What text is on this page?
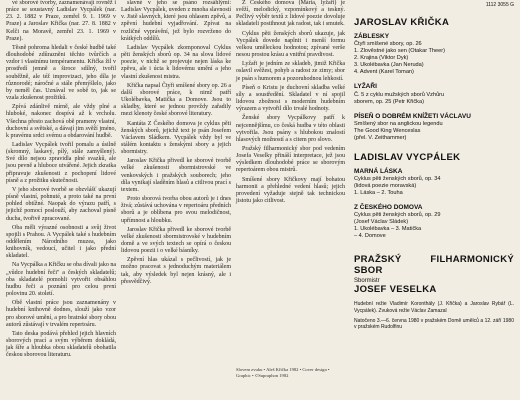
vé sborové tvorby, zaznamenávají rovněž i práce se soustavný Ladislav Vycpálek (nar. 23. 2. 1882 v Praze, zemřel 9. 1. 1969 v Praze) a Jaroslav Křička (nar. 27. 8. 1882 v Kelči na Moravě, zemřel 23. 1. 1969 v Praze).

Těsně pohroma hledali v české hudbě také dlouhodobé zdůrazněni těchto tvůrčích a vzdor i vlastnímu tempéramentu. Křička žil v prostředí jemně a široce sdílný, tvořil souběžně, ale též improvizaci, jeho díla je různorodé; náročné a stále přemýšlelo, jako by neměl čas. Uznával ve sobě to, jak se vzala zkušenost prožitků.

Zpívá zdánlivě mírně, ale vždy plné a hluboké, nakonec dospívá až k vrcholu. Všechna přesto zachová obě prameny vlastní, duchovní a světské, a dávají jim svěží jméno, k pravému srdci svému a obdarování hudbě.

Ladislav Vycpálek tvořil pomalu a úsilně (skromný, laskavý, pílý, stále zamyšlený). Své dílo nejsou zpravidla plné svazků, ale jsou pevně a hluboce utvářené. Jejich zkratka připravuje zkušenosti z pochopení lidové písně a z prožitku skutečnosti.

V jeho sborové tvorbě se obzvlášť ukazují písně vlastní, pohnuté, a proto také na první pohled obtížné. Naopak do výrazu patří, s jejichž pomocí poslouží, aby zachoval písně ducha, tvořivě zpracované.

Oba měli výrazné osobnosti a svůj život spojili s Prahou. A Vycpálek také s hudebním oddělením Národního muzea, jako knihovník, vedoucí, učitel i jako přední skladatel.

Na Vycpálka a Křičku se oba dívali jako na „vůdce hudební řeči" a českých skladatelů; oba skladatelé pomohli vytvořit obsáhlou hudbu řeči a poznání pro celou první polovinu 20. století.

Obě vlastní práce jsou zaznamenány v hudební knihovně dodnes, slouží jako vzor pro sborové umění, a pro bratrské sbory obou autorů zůstávají v trvalém repertoáru.

Tato deska podává přehled jejich hlavních sborových prací a svým výběrem dokládá, jak šíře a hloubka obou skladatelů obohatila českou sborovou literaturu.

slavné v jeho se psáno rozsáhlými: Ladislav Vycpálek, uveden z mnoha slavností v. Jistě slavných, které jsou ohlasem zpěvů, a zpěvní hudební vyjadřování. Zpívat na rozličné vyprávění, jež bylo rozvrženo do krátkých oddílů.

Ladislav Vycpálek zkomponoval Cyklus pěti ženských sborů op. 34 na slova lidové poezie, v nichž se projevuje nejen láska ke zpěvu, ale i úcta k lidovému umění a jeho vlastní zkušenost mistra.

Křička napsal Čtyři smíšené sbory op. 26 a další sborové práce, k nimž patří Ukolébavka, Matička a Domove. Jsou to skladby, které se jednou provždy zařadily mezi klenoty české sborové literatury.

Kantáta Z Českého domova je cyklus pěti ženských sborů, jejichž text je psán Josefem Václavem Sládkem. Vycpálek vždy byl ve stálém kontaktu s ženskými sbory a jejich sbormistry.

Jaroslav Křička přivedl ke sborové tvorbě velké zkušenosti sbormistrovské ve venkovských i pražských souborech; jeho díla vynikají sladěním hlasů a citlivou prací s textem.

Proto sborová tvorba obou autorů je i dnes živá; zůstává uchována v repertoáru předních sborů a je oblíbena pro svou melodičnost, upřímnost a hloubku.

Jaroslav Křička přivedl ke sborové tvorbě velké zkušenosti sbormistrovské v hudebním domě a ve svých textech se opírá o českou lidovou poezii i o velké básníky.

Zpěvní hlas ukázal s pečlivostí, jak je možno pracovat s jednoduchým materiálem tak, aby výsledek byl nejen krásný, ale i přesvědčivý.

Z Českého domova (Mária, lyžaři) je svěží, melodický, vzpomínkový a teskný. Pečlivý výběr textů z lidové poezie dovoluje skladateli postihnout jak radost, tak i smutek.

Cyklus pěti ženských sborů ukazuje, jak Vycpálek dovede naplnit i menší formu velkou uměleckou hodnotou; zpívané verše nesou prostou krásu a vnitřní pravdivost.

Lyžaři je jedním ze skladeb, jimiž Křička oslavil svěžest, pohyb a radost ze zimy; sbor je psán s humorem a pozoruhodnou lehkostí.

Píseň o Kristu je duchovní skladba velké síly a soustředění. Skladatel v ní spojil lidovou zbožnost s moderním hudebním výrazem a vytvořil dílo trvalé hodnoty.

Ženské sbory Vycpálkovy patří k nejcennějšímu, co česká hudba v této oblasti vytvořila. Jsou psány s hlubokou znalostí hlasových možností a s citem pro slovo.

Pražský filharmonický sbor pod vedením Josefa Veselky přináší interpretace, jež jsou výsledkem dlouhodobé práce se sborovým repertoárem obou mistrů.

Smíšené sbory Křičkovy mají bohatou harmonii a přehledné vedení hlasů; jejich provedení vyžaduje stejně tak technickou jistotu jako citlivost.

Slovem zvuku • Aleš Křička 1982 • Cover design • Graphic • ©Supraphon 1982
1112 3055 G
JAROSLAV KŘIČKA
ZÁBLESKY
Čtyři smíšené sbory, op. 26
1. Zlověstné jako sen (Otakar Theer)
2. Krajina (Viktor Dyk)
3. Ukolébavka (Jan Neruda)
4. Advent (Karel Toman)
LYŽAŘI
Č. 5 z cyklu mužských sborů Vzhůru
sborem, op. 25 (Petr Křička)
PÍSEŇ O DOBRÉM KNÍŽETI VÁCLAVU
Smíšený sbor na anglickou legendu
The Good King Wenceslas
(přel. V. Zeithammer)
LADISLAV VYCPÁLEK
MARNÁ LÁSKA
Cyklus pěti ženských sborů, op. 34
(lidová poezie moravská)
1. Láska – 2. Touha
Z ČESKÉHO DOMOVA
Cyklus pěti ženských sborů, op. 29
(Josef Václav Sládek)
1. Ukolébavka – 3. Matička
– 4. Domove
PRAŽSKÝ FILHARMONICKÝ SBOR
Sbormistr
JOSEF VESELKA
Hudební režie Vladimír Koronthály (J. Křička) a Jaroslav Rybář (L. Vycpálek). Zvuková režie Václav Zamazal
Natočeno 3.—6. června 1980 v pražském Domě umělců a 12. září 1980 v pražském Rudolfinu
